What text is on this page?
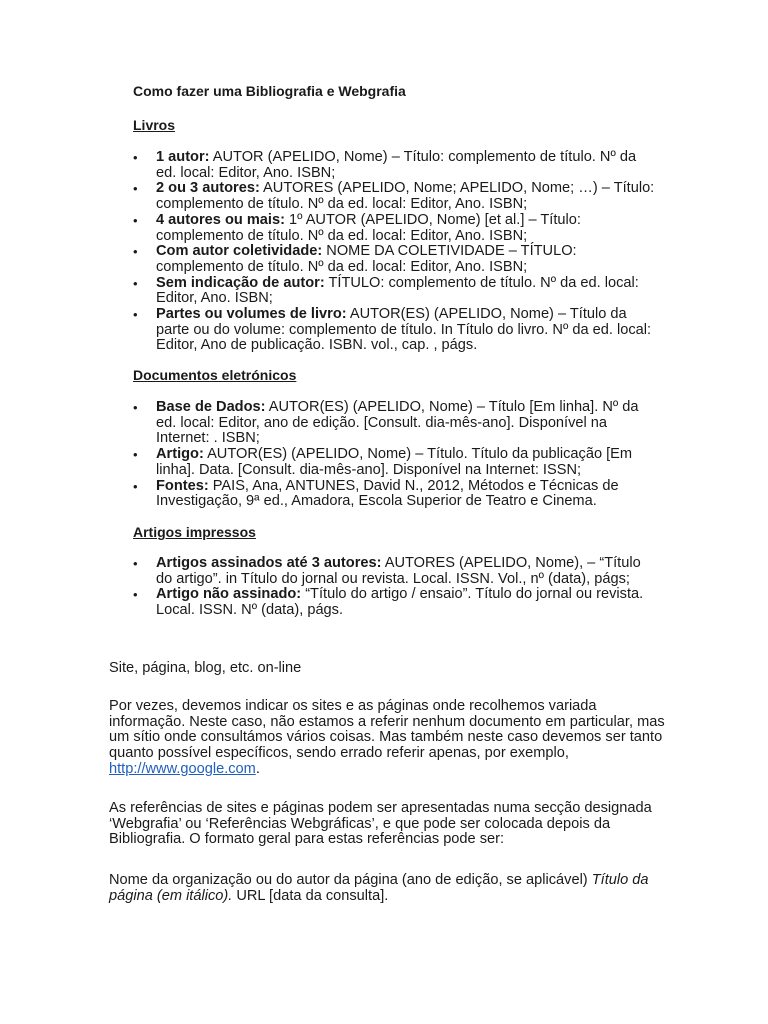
Como fazer uma Bibliografia e Webgrafia
Livros
• 1 autor: AUTOR (APELIDO, Nome) – Título: complemento de título. Nº da ed. local: Editor, Ano. ISBN;
• 2 ou 3 autores: AUTORES (APELIDO, Nome; APELIDO, Nome; …) – Título: complemento de título. Nº da ed. local: Editor, Ano. ISBN;
• 4 autores ou mais: 1º AUTOR (APELIDO, Nome) [et al.] – Título: complemento de título. Nº da ed. local: Editor, Ano. ISBN;
• Com autor coletividade: NOME DA COLETIVIDADE – TÍTULO: complemento de título. Nº da ed. local: Editor, Ano. ISBN;
• Sem indicação de autor: TÍTULO: complemento de título. Nº da ed. local: Editor, Ano. ISBN;
• Partes ou volumes de livro: AUTOR(ES) (APELIDO, Nome) – Título da parte ou do volume: complemento de título. In Título do livro. Nº da ed. local: Editor, Ano de publicação. ISBN. vol., cap. , págs.
Documentos eletrónicos
• Base de Dados: AUTOR(ES) (APELIDO, Nome) – Título [Em linha]. Nº da ed. local: Editor, ano de edição. [Consult. dia-mês-ano]. Disponível na Internet: . ISBN;
• Artigo: AUTOR(ES) (APELIDO, Nome) – Título. Título da publicação [Em linha]. Data. [Consult. dia-mês-ano]. Disponível na Internet: ISSN;
• Fontes: PAIS, Ana, ANTUNES, David N., 2012, Métodos e Técnicas de Investigação, 9ª ed., Amadora, Escola Superior de Teatro e Cinema.
Artigos impressos
• Artigos assinados até 3 autores: AUTORES (APELIDO, Nome), – “Título do artigo”. in Título do jornal ou revista. Local. ISSN. Vol., nº (data), págs;
• Artigo não assinado: “Título do artigo / ensaio”. Título do jornal ou revista. Local. ISSN. Nº (data), págs.

Site, página, blog, etc. on-line

Por vezes, devemos indicar os sites e as páginas onde recolhemos variada informação. Neste caso, não estamos a referir nenhum documento em particular, mas um sítio onde consultámos vários coisas. Mas também neste caso devemos ser tanto quanto possível específicos, sendo errado referir apenas, por exemplo, http://www.google.com.

As referências de sites e páginas podem ser apresentadas numa secção designada ‘Webgrafia’ ou ‘Referências Webgráficas’, e que pode ser colocada depois da Bibliografia. O formato geral para estas referências pode ser:

Nome da organização ou do autor da página (ano de edição, se aplicável) Título da página (em itálico). URL [data da consulta].
